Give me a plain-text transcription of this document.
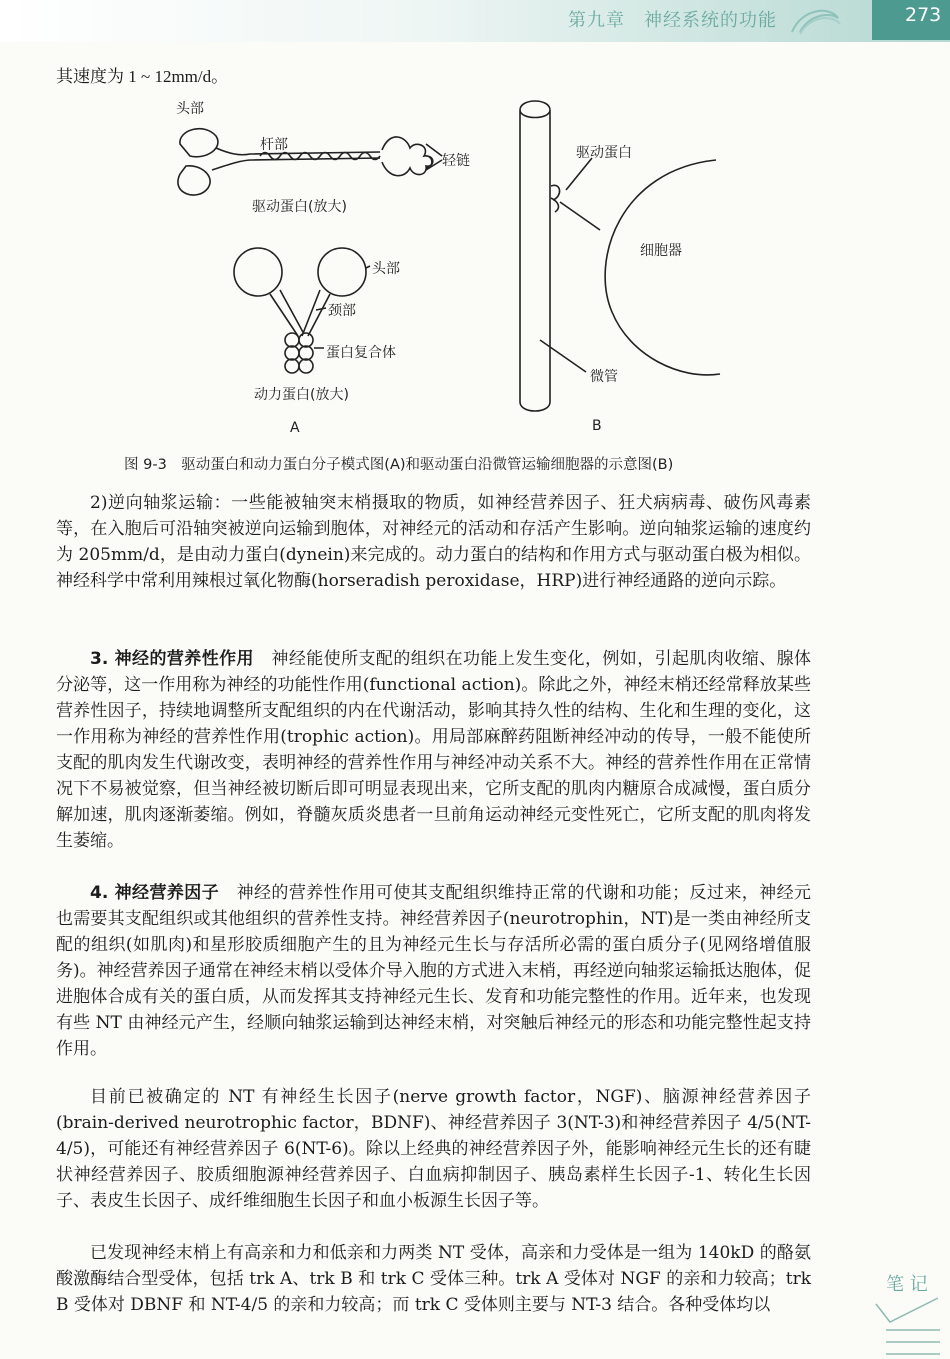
第九章　神经系统的功能	273
其速度为 1 ~ 12mm/d。
头部
杆部
轻链
驱动蛋白(放大)
头部
颈部
蛋白复合体
动力蛋白(放大)
A
驱动蛋白
细胞器
微管
B
图 9-3　驱动蛋白和动力蛋白分子模式图(A)和驱动蛋白沿微管运输细胞器的示意图(B)

2)逆向轴浆运输：一些能被轴突末梢摄取的物质，如神经营养因子、狂犬病病毒、破伤风毒素等，在入胞后可沿轴突被逆向运输到胞体，对神经元的活动和存活产生影响。逆向轴浆运输的速度约为 205mm/d，是由动力蛋白(dynein)来完成的。动力蛋白的结构和作用方式与驱动蛋白极为相似。神经科学中常利用辣根过氧化物酶(horseradish peroxidase，HRP)进行神经通路的逆向示踪。

3. 神经的营养性作用　 神经能使所支配的组织在功能上发生变化，例如，引起肌肉收缩、腺体分泌等，这一作用称为神经的功能性作用(functional action)。除此之外，神经末梢还经常释放某些营养性因子，持续地调整所支配组织的内在代谢活动，影响其持久性的结构、生化和生理的变化，这一作用称为神经的营养性作用(trophic action)。用局部麻醉药阻断神经冲动的传导，一般不能使所支配的肌肉发生代谢改变，表明神经的营养性作用与神经冲动关系不大。神经的营养性作用在正常情况下不易被觉察，但当神经被切断后即可明显表现出来，它所支配的肌肉内糖原合成减慢，蛋白质分解加速，肌肉逐渐萎缩。例如，脊髓灰质炎患者一旦前角运动神经元变性死亡，它所支配的肌肉将发生萎缩。

4. 神经营养因子　 神经的营养性作用可使其支配组织维持正常的代谢和功能；反过来，神经元也需要其支配组织或其他组织的营养性支持。神经营养因子(neurotrophin，NT)是一类由神经所支配的组织(如肌肉)和星形胶质细胞产生的且为神经元生长与存活所必需的蛋白质分子(见网络增值服务)。神经营养因子通常在神经末梢以受体介导入胞的方式进入末梢，再经逆向轴浆运输抵达胞体，促进胞体合成有关的蛋白质，从而发挥其支持神经元生长、发育和功能完整性的作用。近年来，也发现有些 NT 由神经元产生，经顺向轴浆运输到达神经末梢，对突触后神经元的形态和功能完整性起支持作用。

目前已被确定的 NT 有神经生长因子(nerve growth factor，NGF)、脑源神经营养因子(brain-derived neurotrophic factor，BDNF)、神经营养因子 3(NT-3)和神经营养因子 4/5(NT-4/5)，可能还有神经营养因子 6(NT-6)。除以上经典的神经营养因子外，能影响神经元生长的还有睫状神经营养因子、胶质细胞源神经营养因子、白血病抑制因子、胰岛素样生长因子-1、转化生长因子、表皮生长因子、成纤维细胞生长因子和血小板源生长因子等。

已发现神经末梢上有高亲和力和低亲和力两类 NT 受体，高亲和力受体是一组为 140kD 的酪氨酸激酶结合型受体，包括 trk A、trk B 和 trk C 受体三种。trk A 受体对 NGF 的亲和力较高；trk B 受体对 DBNF 和 NT-4/5 的亲和力较高；而 trk C 受体则主要与 NT-3 结合。各种受体均以

笔 记
